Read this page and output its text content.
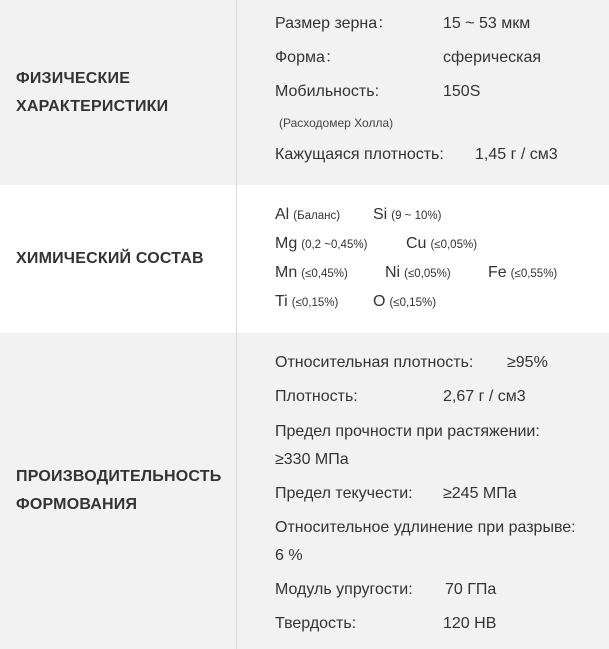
ФИЗИЧЕСКИЕ
ХАРАКТЕРИСТИКИ
Размер зерна：	15 ~ 53 мкм
Форма：	сферическая
Мобильность:	150S
(Расходомер Холла)
Кажущаяся плотность: 1,45 г / см3
ХИМИЧЕСКИЙ СОСТАВ
Al (Баланс) Si (9 ~ 10%)
Mg (0,2 ~0,45%) Cu (≤0,05%)
Mn (≤0,45%) Ni (≤0,05%) Fe (≤0,55%)
Ti (≤0,15%) O (≤0,15%)
ПРОИЗВОДИТЕЛЬНОСТЬ
ФОРМОВАНИЯ
Относительная плотность: ≥95%
Плотность:	2,67 г / см3
Предел прочности при растяжении:
≥330 МПа
Предел текучести: ≥245 МПа
Относительное удлинение при разрыве:
6 %
Модуль упругости: 70 ГПа
Твердость:	120 HB
